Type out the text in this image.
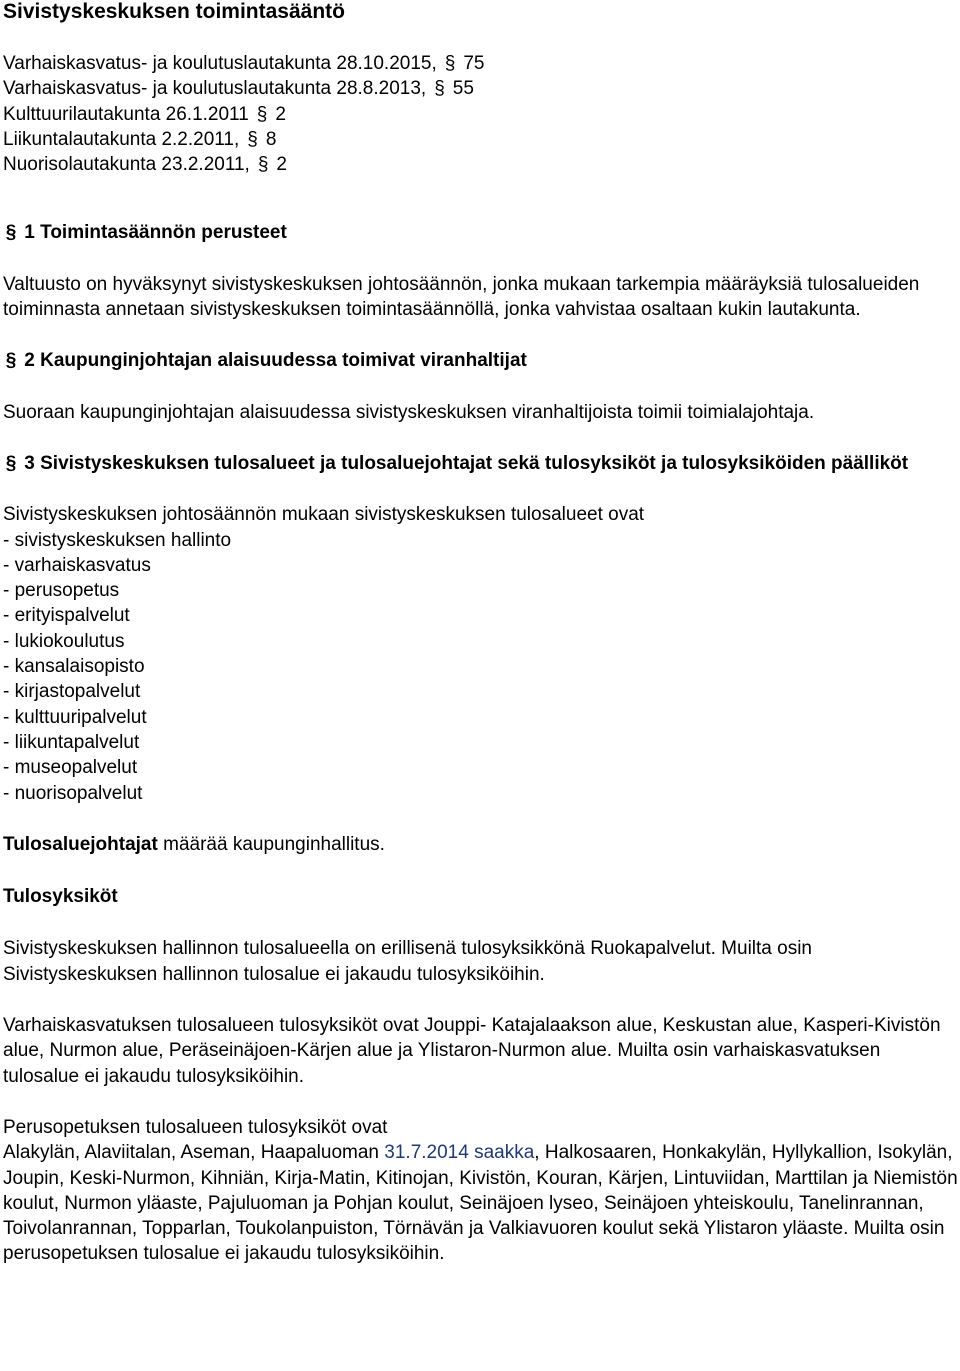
Sivistyskeskuksen toimintasääntö
Varhaiskasvatus- ja koulutuslautakunta 28.10.2015, § 75
Varhaiskasvatus- ja koulutuslautakunta 28.8.2013, § 55
Kulttuurilautakunta 26.1.2011 § 2
Liikuntalautakunta 2.2.2011, § 8
Nuorisolautakunta 23.2.2011, § 2
§ 1 Toimintasäännön perusteet

Valtuusto on hyväksynyt sivistyskeskuksen johtosäännön, jonka mukaan tarkempia määräyksiä tulosalueiden toiminnasta annetaan sivistyskeskuksen toimintasäännöllä, jonka vahvistaa osaltaan kukin lautakunta.

§ 2 Kaupunginjohtajan alaisuudessa toimivat viranhaltijat

Suoraan kaupunginjohtajan alaisuudessa sivistyskeskuksen viranhaltijoista toimii toimialajohtaja.

§ 3 Sivistyskeskuksen tulosalueet ja tulosaluejohtajat sekä tulosyksiköt ja tulosyksiköiden päälliköt
Sivistyskeskuksen johtosäännön mukaan sivistyskeskuksen tulosalueet ovat
- sivistyskeskuksen hallinto
- varhaiskasvatus
- perusopetus
- erityispalvelut
- lukiokoulutus
- kansalaisopisto
- kirjastopalvelut
- kulttuuripalvelut
- liikuntapalvelut
- museopalvelut
- nuorisopalvelut

Tulosaluejohtajat määrää kaupunginhallitus.

Tulosyksiköt

Sivistyskeskuksen hallinnon tulosalueella on erillisenä tulosyksikkönä Ruokapalvelut. Muilta osin Sivistyskeskuksen hallinnon tulosalue ei jakaudu tulosyksiköihin.

Varhaiskasvatuksen tulosalueen tulosyksiköt ovat Jouppi- Katajalaakson alue, Keskustan alue, Kasperi-Kivistön alue, Nurmon alue, Peräseinäjoen-Kärjen alue ja Ylistaron-Nurmon alue. Muilta osin varhaiskasvatuksen tulosalue ei jakaudu tulosyksiköihin.

Perusopetuksen tulosalueen tulosyksiköt ovat
Alakylän, Alaviitalan, Aseman, Haapaluoman 31.7.2014 saakka, Halkosaaren, Honkakylän, Hyllykallion, Isokylän, Joupin, Keski-Nurmon, Kihniän, Kirja-Matin, Kitinojan, Kivistön, Kouran, Kärjen, Lintuviidan, Marttilan ja Niemistön koulut, Nurmon yläaste, Pajuluoman ja Pohjan koulut, Seinäjoen lyseo, Seinäjoen yhteiskoulu, Tanelinrannan, Toivolanrannan, Topparlan, Toukolanpuiston, Törnävän ja Valkiavuoren koulut sekä Ylistaron yläaste. Muilta osin perusopetuksen tulosalue ei jakaudu tulosyksiköihin.
